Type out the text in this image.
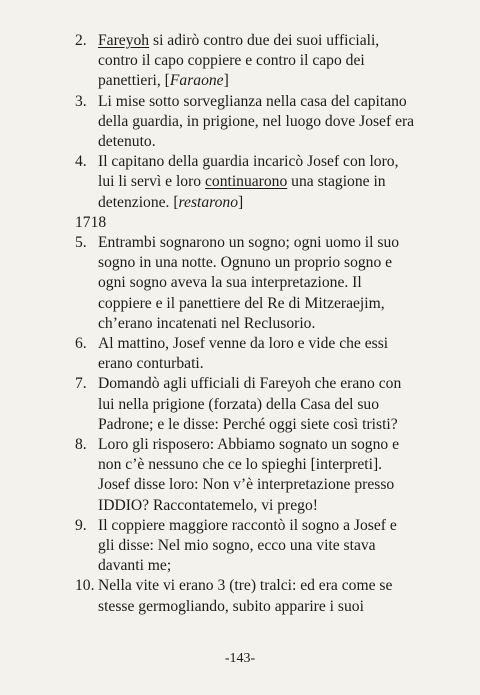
2. Fareyoh si adirò contro due dei suoi ufficiali, contro il capo coppiere e contro il capo dei panettieri, [Faraone]
3. Li mise sotto sorveglianza nella casa del capitano della guardia, in prigione, nel luogo dove Josef era detenuto.
4. Il capitano della guardia incaricò Josef con loro, lui li servì e loro continuarono una stagione in detenzione. [restarono]
1718
5. Entrambi sognarono un sogno; ogni uomo il suo sogno in una notte. Ognuno un proprio sogno e ogni sogno aveva la sua interpretazione. Il coppiere e il panettiere del Re di Mitzeraejim, ch’erano incatenati nel Reclusorio.
6. Al mattino, Josef venne da loro e vide che essi erano conturbati.
7. Domandò agli ufficiali di Fareyoh che erano con lui nella prigione (forzata) della Casa del suo Padrone; e le disse: Perché oggi siete così tristi?
8. Loro gli risposero: Abbiamo sognato un sogno e non c’è nessuno che ce lo spieghi [interpreti]. Josef disse loro: Non v’è interpretazione presso IDDIO? Raccontatemelo, vi prego!
9. Il coppiere maggiore raccontò il sogno a Josef e gli disse: Nel mio sogno, ecco una vite stava davanti me;
10. Nella vite vi erano 3 (tre) tralci: ed era come se stesse germogliando, subito apparire i suoi
-143-
